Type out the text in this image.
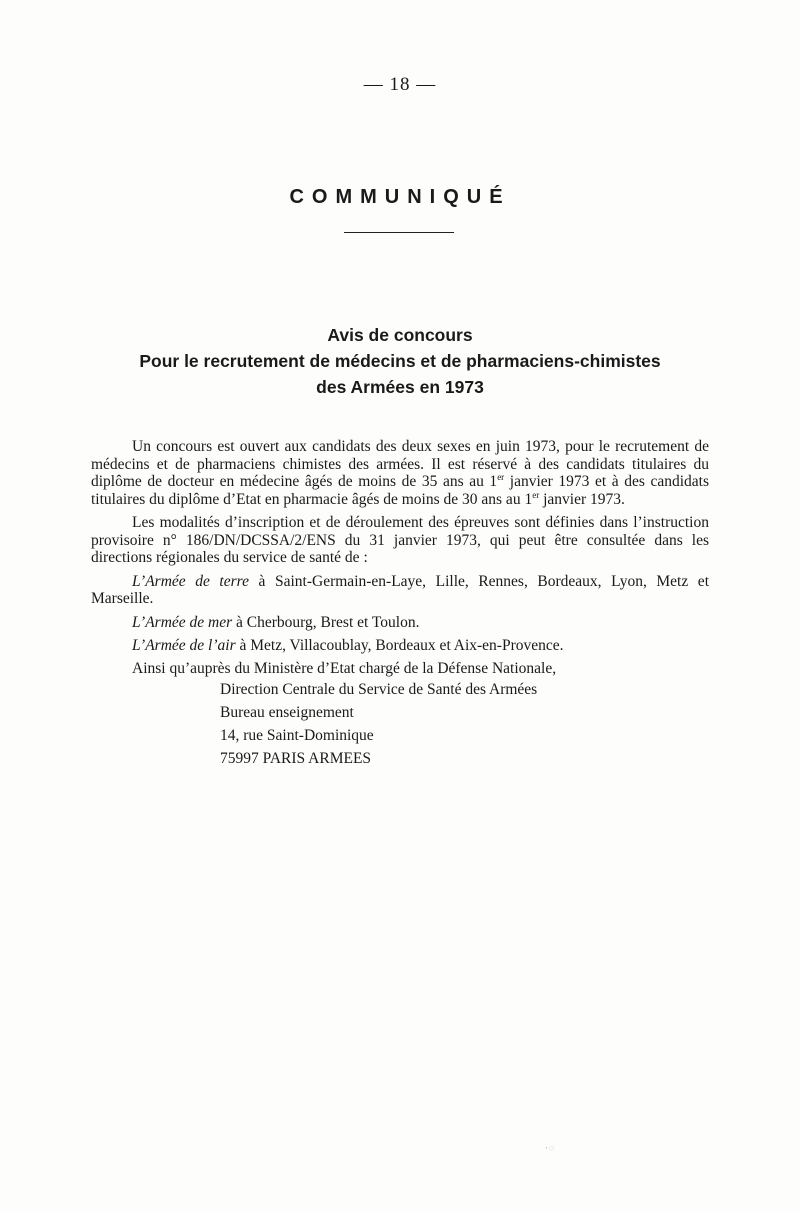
— 18 —
COMMUNIQUÉ
Avis de concours
Pour le recrutement de médecins et de pharmaciens-chimistes
des Armées en 1973

Un concours est ouvert aux candidats des deux sexes en juin 1973, pour le recrutement de médecins et de pharmaciens chimistes des armées. Il est réservé à des candidats titulaires du diplôme de docteur en médecine âgés de moins de 35 ans au 1er janvier 1973 et à des candidats titulaires du diplôme d’Etat en pharmacie âgés de moins de 30 ans au 1er janvier 1973.

Les modalités d’inscription et de déroulement des épreuves sont définies dans l’instruction provisoire n° 186/DN/DCSSA/2/ENS du 31 janvier 1973, qui peut être consultée dans les directions régionales du service de santé de :

L’Armée de terre à Saint-Germain-en-Laye, Lille, Rennes, Bordeaux, Lyon, Metz et Marseille.

L’Armée de mer à Cherbourg, Brest et Toulon.

L’Armée de l’air à Metz, Villacoublay, Bordeaux et Aix-en-Provence.

Ainsi qu’auprès du Ministère d’Etat chargé de la Défense Nationale,

Direction Centrale du Service de Santé des Armées

Bureau enseignement

14, rue Saint-Dominique

75997 PARIS ARMEES

·◌
